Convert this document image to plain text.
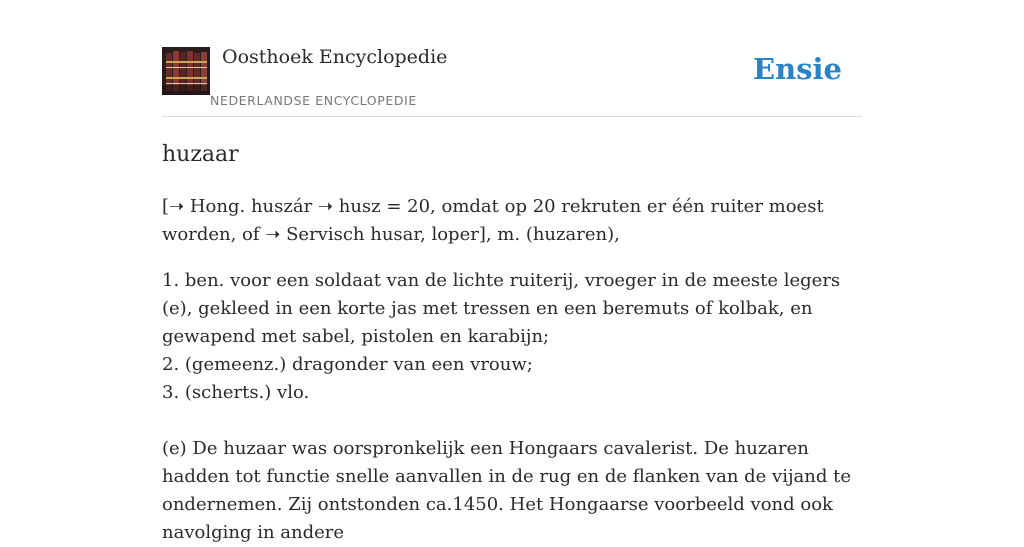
Oosthoek Encyclopedie
NEDERLANDSE ENCYCLOPEDIE
Ensie
huzaar

[➝ Hong. huszár ➝ husz = 20, omdat op 20 rekruten er één ruiter moest worden, of ➝ Servisch husar, loper], m. (huzaren),

1. ben. voor een soldaat van de lichte ruiterij, vroeger in de meeste legers (e), gekleed in een korte jas met tressen en een beremuts of kolbak, en gewapend met sabel, pistolen en karabijn;
2. (gemeenz.) dragonder van een vrouw;
3. (scherts.) vlo.

(e) De huzaar was oorspronkelijk een Hongaars cavalerist. De huzaren hadden tot functie snelle aanvallen in de rug en de flanken van de vijand te ondernemen. Zij ontstonden ca.1450. Het Hongaarse voorbeeld vond ook navolging in andere
